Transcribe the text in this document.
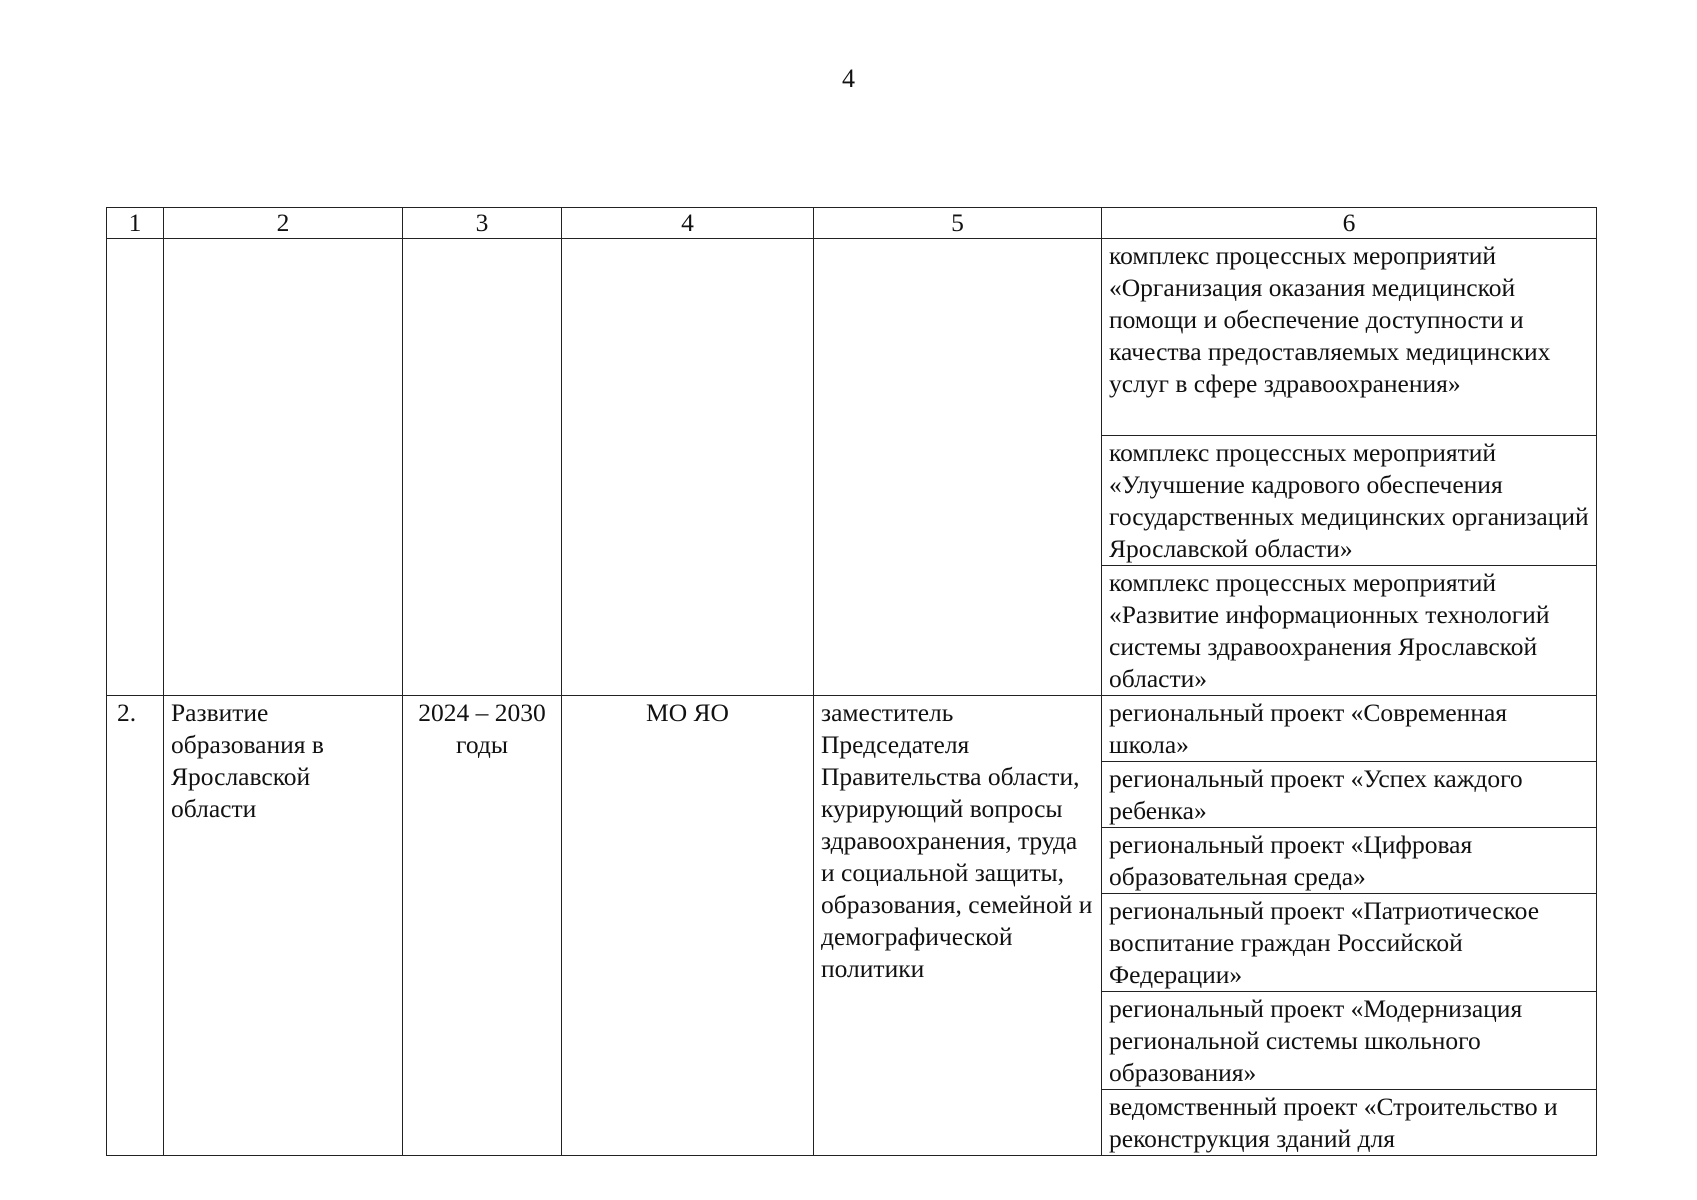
4
1	2	3	4	5	6
					комплекс процессных мероприятий «Организация оказания медицинской помощи и обеспечение доступности и качества предоставляемых медицинских услуг в сфере здравоохранения»
					комплекс процессных мероприятий «Улучшение кадрового обеспечения государственных медицинских организаций Ярославской области»
					комплекс процессных мероприятий «Развитие информационных технологий системы здравоохранения Ярославской области»
2.	Развитие образования в Ярославской области	2024 – 2030 годы	МО ЯО	заместитель Председателя Правительства области, курирующий вопросы здравоохранения, труда и социальной защиты, образования, семейной и демографической политики	региональный проект «Современная школа»
					региональный проект «Успех каждого ребенка»
					региональный проект «Цифровая образовательная среда»
					региональный проект «Патриотическое воспитание граждан Российской Федерации»
					региональный проект «Модернизация региональной системы школьного образования»
					ведомственный проект «Строительство и реконструкция зданий для
